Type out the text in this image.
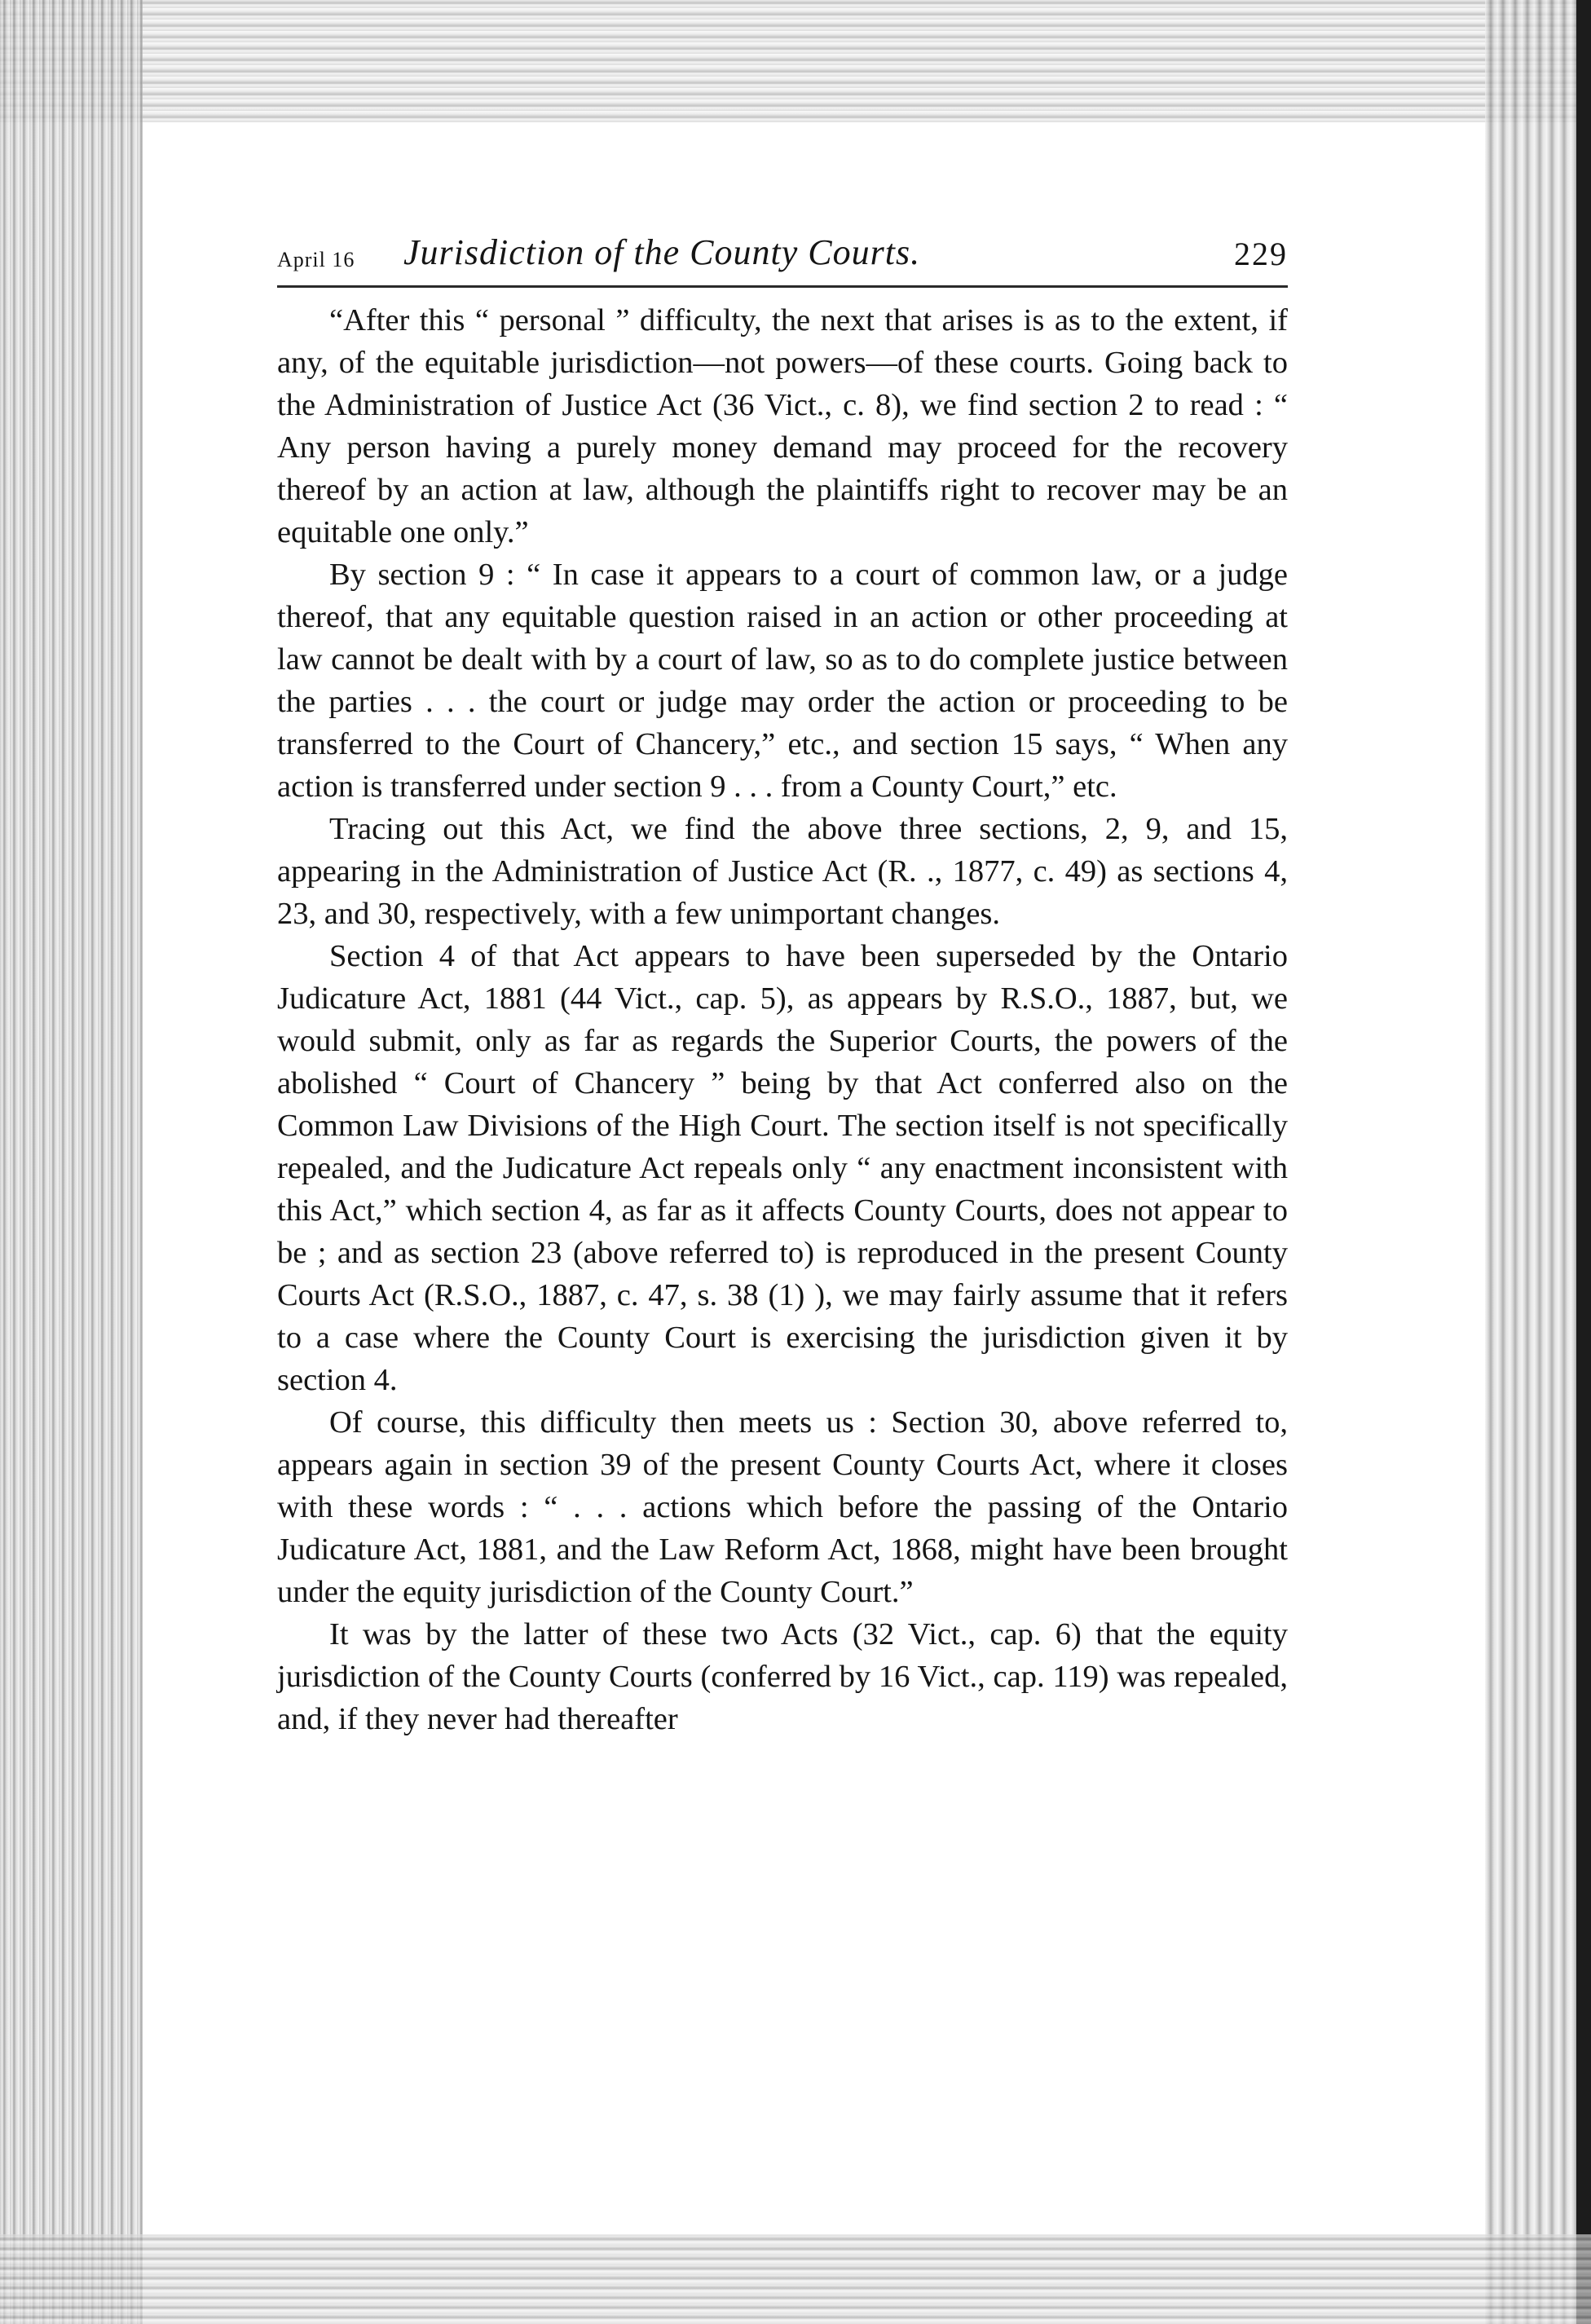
April 16 Jurisdiction of the County Courts.	229

“After this “ personal ” difficulty, the next that arises is as to the extent, if any, of the equitable jurisdiction—not powers—of these courts. Going back to the Administration of Justice Act (36 Vict., c. 8), we find section 2 to read : “ Any person having a purely money demand may proceed for the recovery thereof by an action at law, although the plaintiffs right to recover may be an equitable one only.”

By section 9 : “ In case it appears to a court of common law, or a judge thereof, that any equitable question raised in an action or other proceeding at law cannot be dealt with by a court of law, so as to do complete justice between the parties . . . the court or judge may order the action or proceeding to be transferred to the Court of Chancery,” etc., and section 15 says, “ When any action is transferred under section 9 . . . from a County Court,” etc.

Tracing out this Act, we find the above three sections, 2, 9, and 15, appearing in the Administration of Justice Act (R. ., 1877, c. 49) as sections 4, 23, and 30, respectively, with a few unimportant changes.

Section 4 of that Act appears to have been superseded by the Ontario Judicature Act, 1881 (44 Vict., cap. 5), as appears by R.S.O., 1887, but, we would submit, only as far as regards the Superior Courts, the powers of the abolished “ Court of Chancery ” being by that Act conferred also on the Common Law Divisions of the High Court. The section itself is not specifically repealed, and the Judicature Act repeals only “ any enactment inconsistent with this Act,” which section 4, as far as it affects County Courts, does not appear to be ; and as section 23 (above referred to) is reproduced in the present County Courts Act (R.S.O., 1887, c. 47, s. 38 (1) ), we may fairly assume that it refers to a case where the County Court is exercising the jurisdiction given it by section 4.

Of course, this difficulty then meets us : Section 30, above referred to, appears again in section 39 of the present County Courts Act, where it closes with these words : “ . . . actions which before the passing of the Ontario Judicature Act, 1881, and the Law Reform Act, 1868, might have been brought under the equity jurisdiction of the County Court.”

It was by the latter of these two Acts (32 Vict., cap. 6) that the equity jurisdiction of the County Courts (conferred by 16 Vict., cap. 119) was repealed, and, if they never had thereafter
